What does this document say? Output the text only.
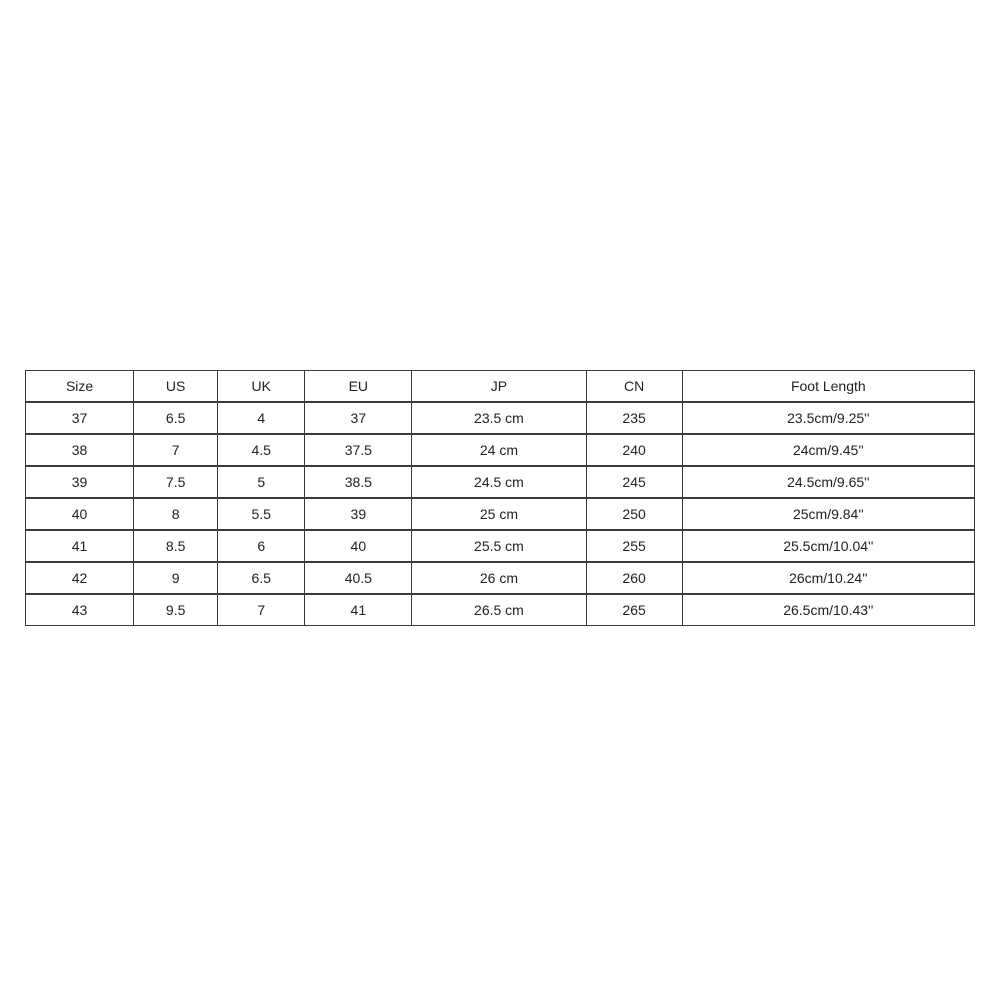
Size	US	UK	EU	JP	CN	Foot Length
37	6.5	4	37	23.5 cm	235	23.5cm/9.25''
38	7	4.5	37.5	24 cm	240	24cm/9.45''
39	7.5	5	38.5	24.5 cm	245	24.5cm/9.65''
40	8	5.5	39	25 cm	250	25cm/9.84''
41	8.5	6	40	25.5 cm	255	25.5cm/10.04''
42	9	6.5	40.5	26 cm	260	26cm/10.24''
43	9.5	7	41	26.5 cm	265	26.5cm/10.43''
